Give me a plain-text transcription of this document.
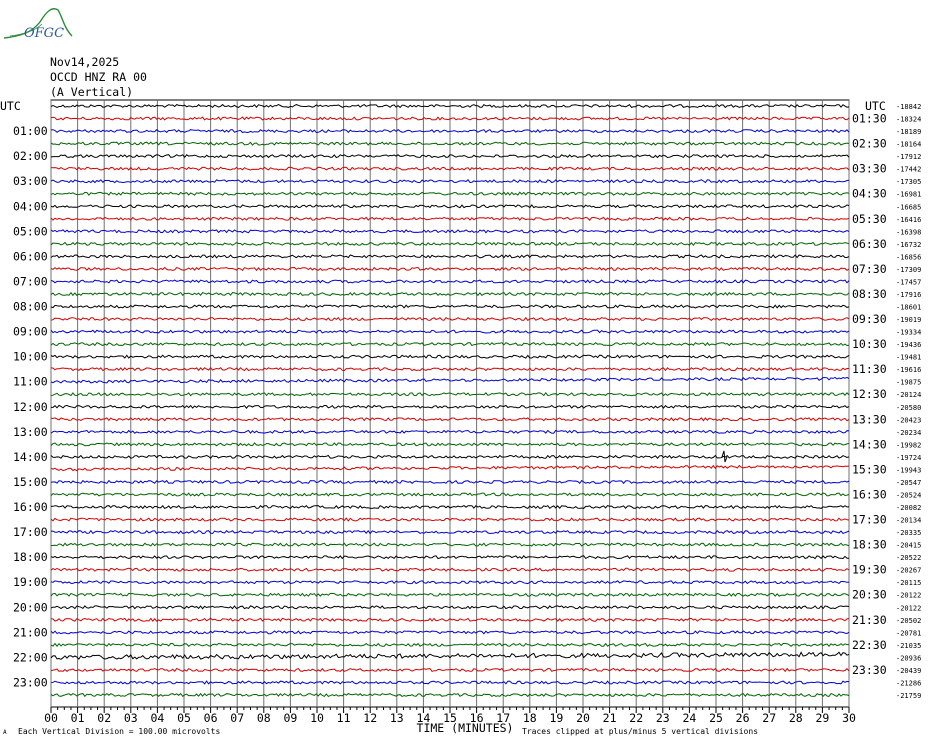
OFGC
Nov14,2025
OCCD HNZ RA 00
(A Vertical)
00 01 02 03 04 05 06 07 08 09 10 11 12 13 14 15 16 17 18 19 20 21 22 23 24 25 26 27 28 29 30
TIME (MINUTES)
Each Vertical Division = 100.00 microvolts	Traces clipped at plus/minus 5 vertical divisions
A
UTC	UTC
01:00
02:00
03:00
04:00
05:00
06:00
07:00
08:00
09:00
10:00
11:00
12:00
13:00
14:00
15:00
16:00
17:00
18:00
19:00
20:00
21:00
22:00
23:00
01:30
02:30
03:30
04:30
05:30
06:30
07:30
08:30
09:30
10:30
11:30
12:30
13:30
14:30
15:30
16:30
17:30
18:30
19:30
20:30
21:30
22:30
23:30
-18842
-18324
-18189
-18164
-17912
-17442
-17305
-16981
-16685
-16416
-16398
-16732
-16856
-17309
-17457
-17916
-18601
-19019
-19334
-19436
-19481
-19616
-19875
-20124
-20580
-20423
-20234
-19982
-19724
-19943
-20547
-20524
-20082
-20134
-20335
-20415
-20522
-20267
-20115
-20122
-20122
-20502
-20781
-21035
-20936
-20439
-21286
-21759
